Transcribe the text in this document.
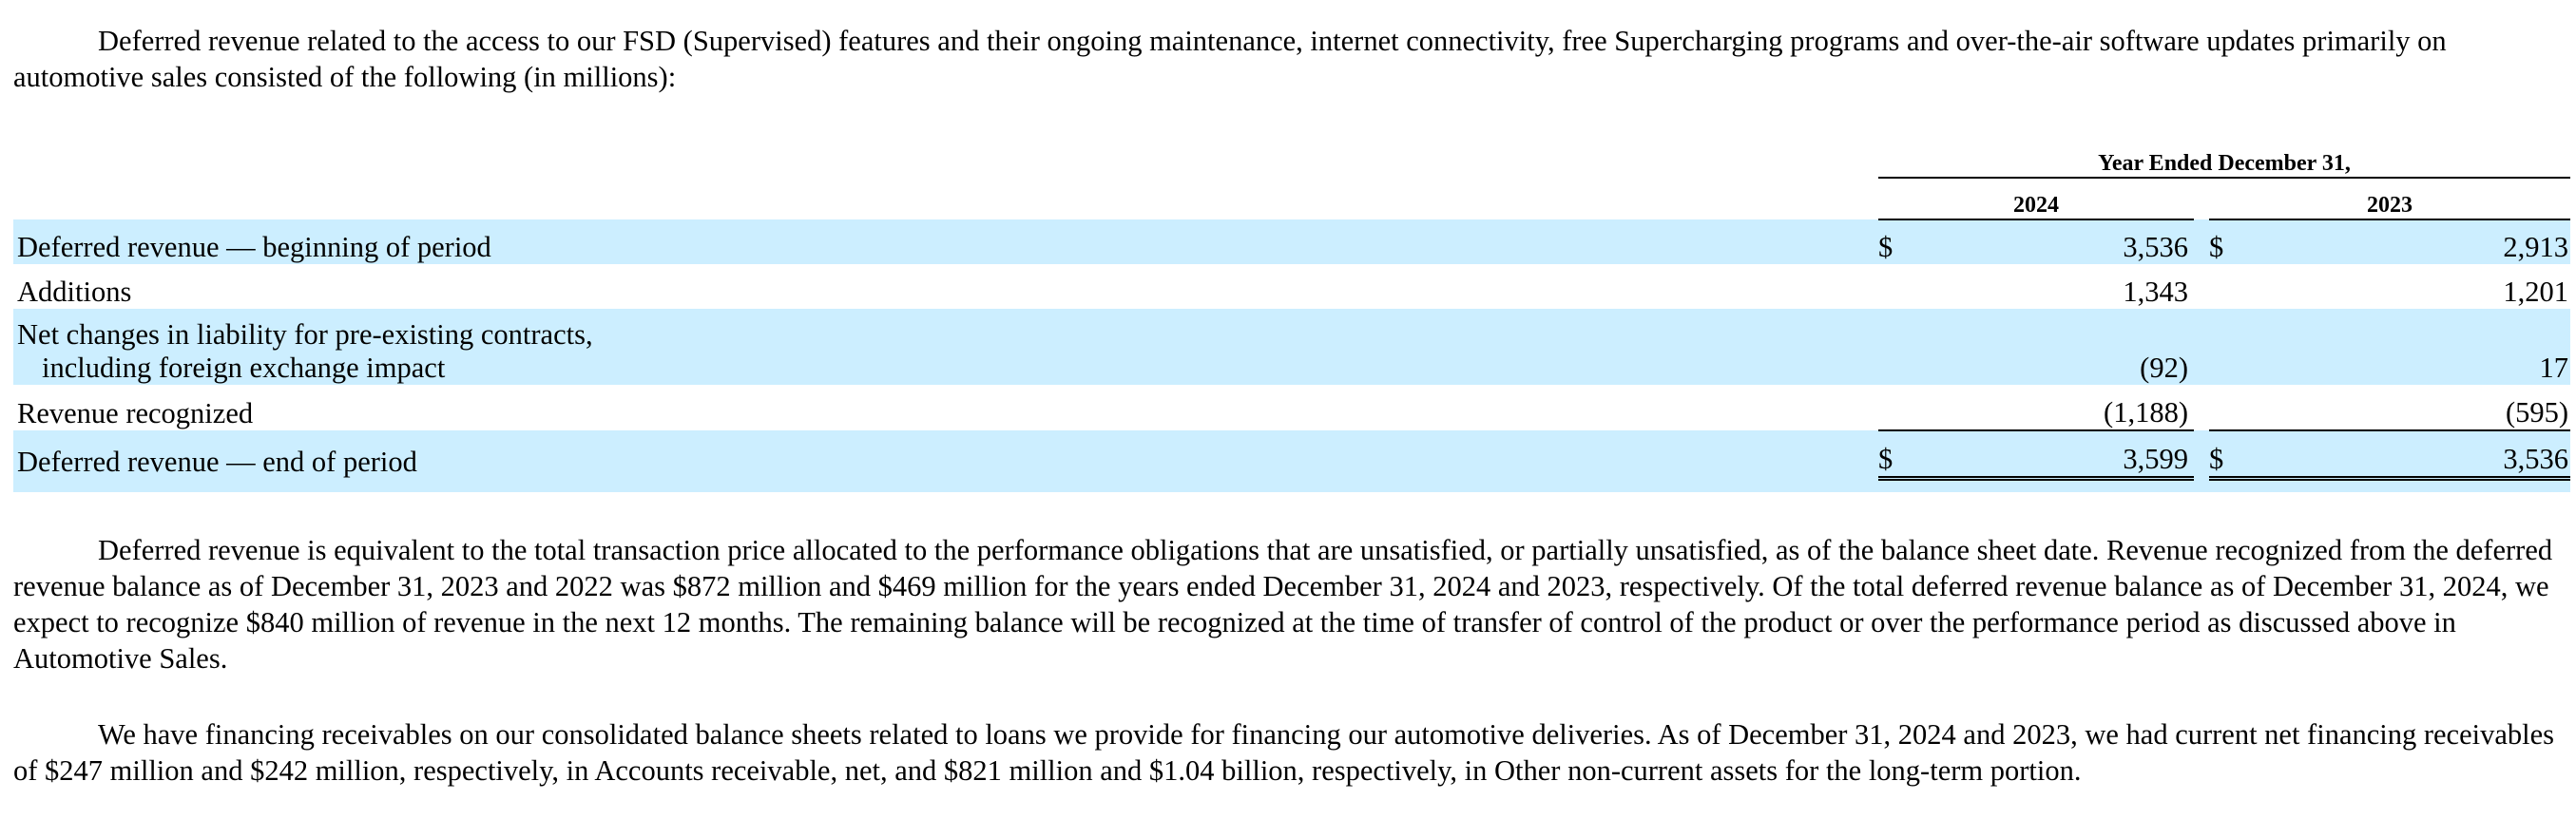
Deferred revenue related to the access to our FSD (Supervised) features and their ongoing maintenance, internet connectivity, free Supercharging programs and over-the-air software updates primarily on automotive sales consisted of the following (in millions):

	Year Ended December 31,				
	2024			2023	
Deferred revenue — beginning of period	$	3,536		$	2,913
Additions		1,343			1,201

Net changes in liability for pre-existing contracts,
including foreign exchange impact		(92)			17
Revenue recognized		(1,188)			(595)
Deferred revenue — end of period	$	3,599		$	3,536

Deferred revenue is equivalent to the total transaction price allocated to the performance obligations that are unsatisfied, or partially unsatisfied, as of the balance sheet date. Revenue recognized from the deferred revenue balance as of December 31, 2023 and 2022 was $872 million and $469 million for the years ended December 31, 2024 and 2023, respectively. Of the total deferred revenue balance as of December 31, 2024, we expect to recognize $840 million of revenue in the next 12 months. The remaining balance will be recognized at the time of transfer of control of the product or over the performance period as discussed above in Automotive Sales.

We have financing receivables on our consolidated balance sheets related to loans we provide for financing our automotive deliveries. As of December 31, 2024 and 2023, we had current net financing receivables of $247 million and $242 million, respectively, in Accounts receivable, net, and $821 million and $1.04 billion, respectively, in Other non-current assets for the long-term portion.
